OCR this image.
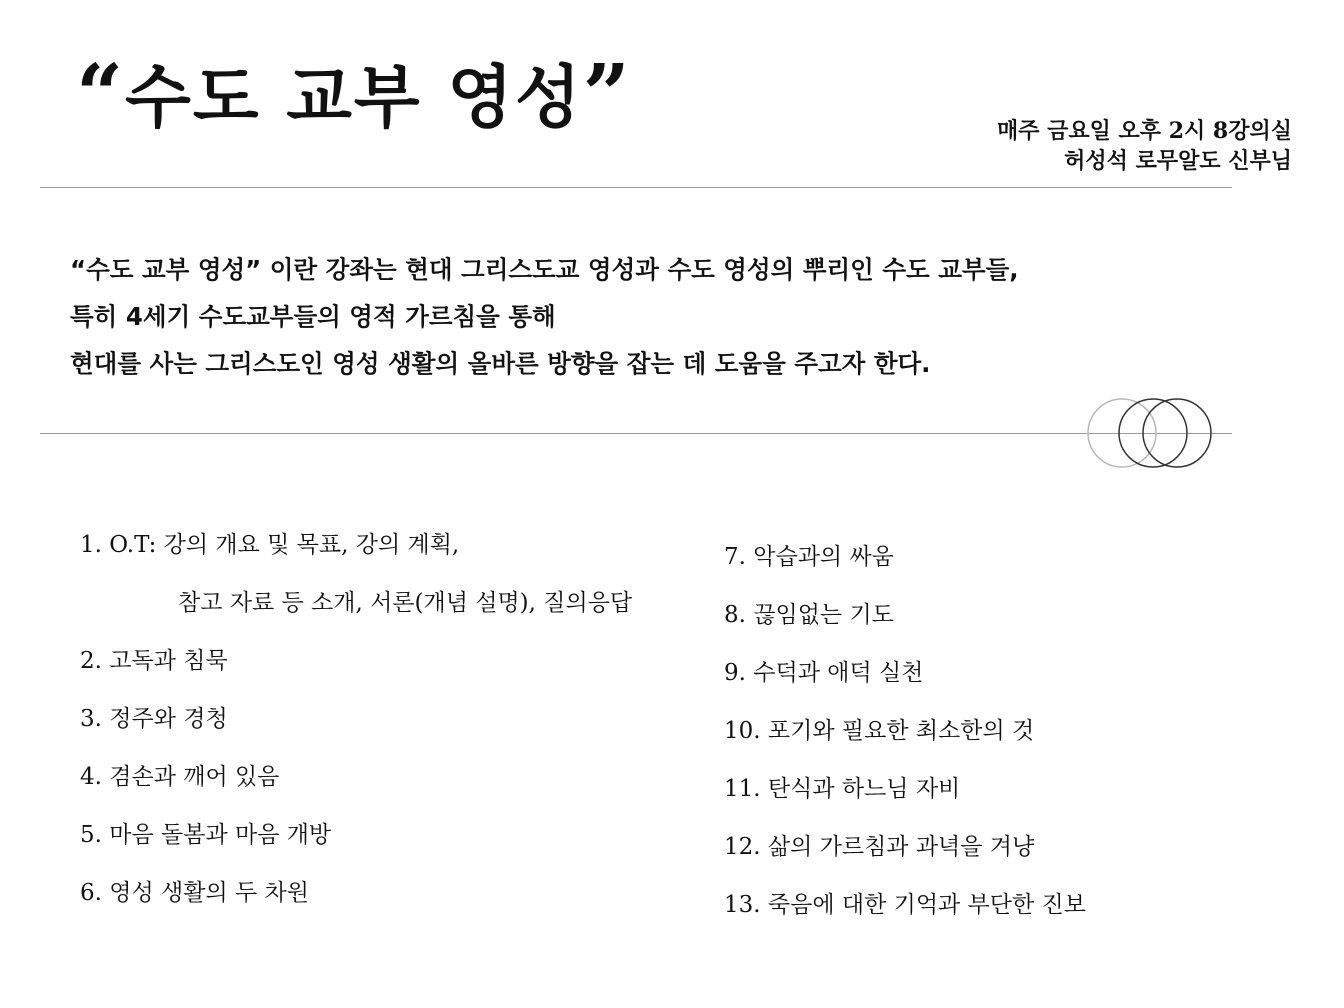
“수도 교부 영성”	매주 금요일 오후 2시 8강의실
허성석 로무알도 신부님
“수도 교부 영성” 이란 강좌는 현대 그리스도교 영성과 수도 영성의 뿌리인 수도 교부들,
특히 4세기 수도교부들의 영적 가르침을 통해
현대를 사는 그리스도인 영성 생활의 올바른 방향을 잡는 데 도움을 주고자 한다.
1. O.T: 강의 개요 및 목표, 강의 계획,
참고 자료 등 소개, 서론(개념 설명), 질의응답
2. 고독과 침묵
3. 정주와 경청
4. 겸손과 깨어 있음
5. 마음 돌봄과 마음 개방
6. 영성 생활의 두 차원
7. 악습과의 싸움
8. 끊임없는 기도
9. 수덕과 애덕 실천
10. 포기와 필요한 최소한의 것
11. 탄식과 하느님 자비
12. 삶의 가르침과 과녁을 겨냥
13. 죽음에 대한 기억과 부단한 진보
